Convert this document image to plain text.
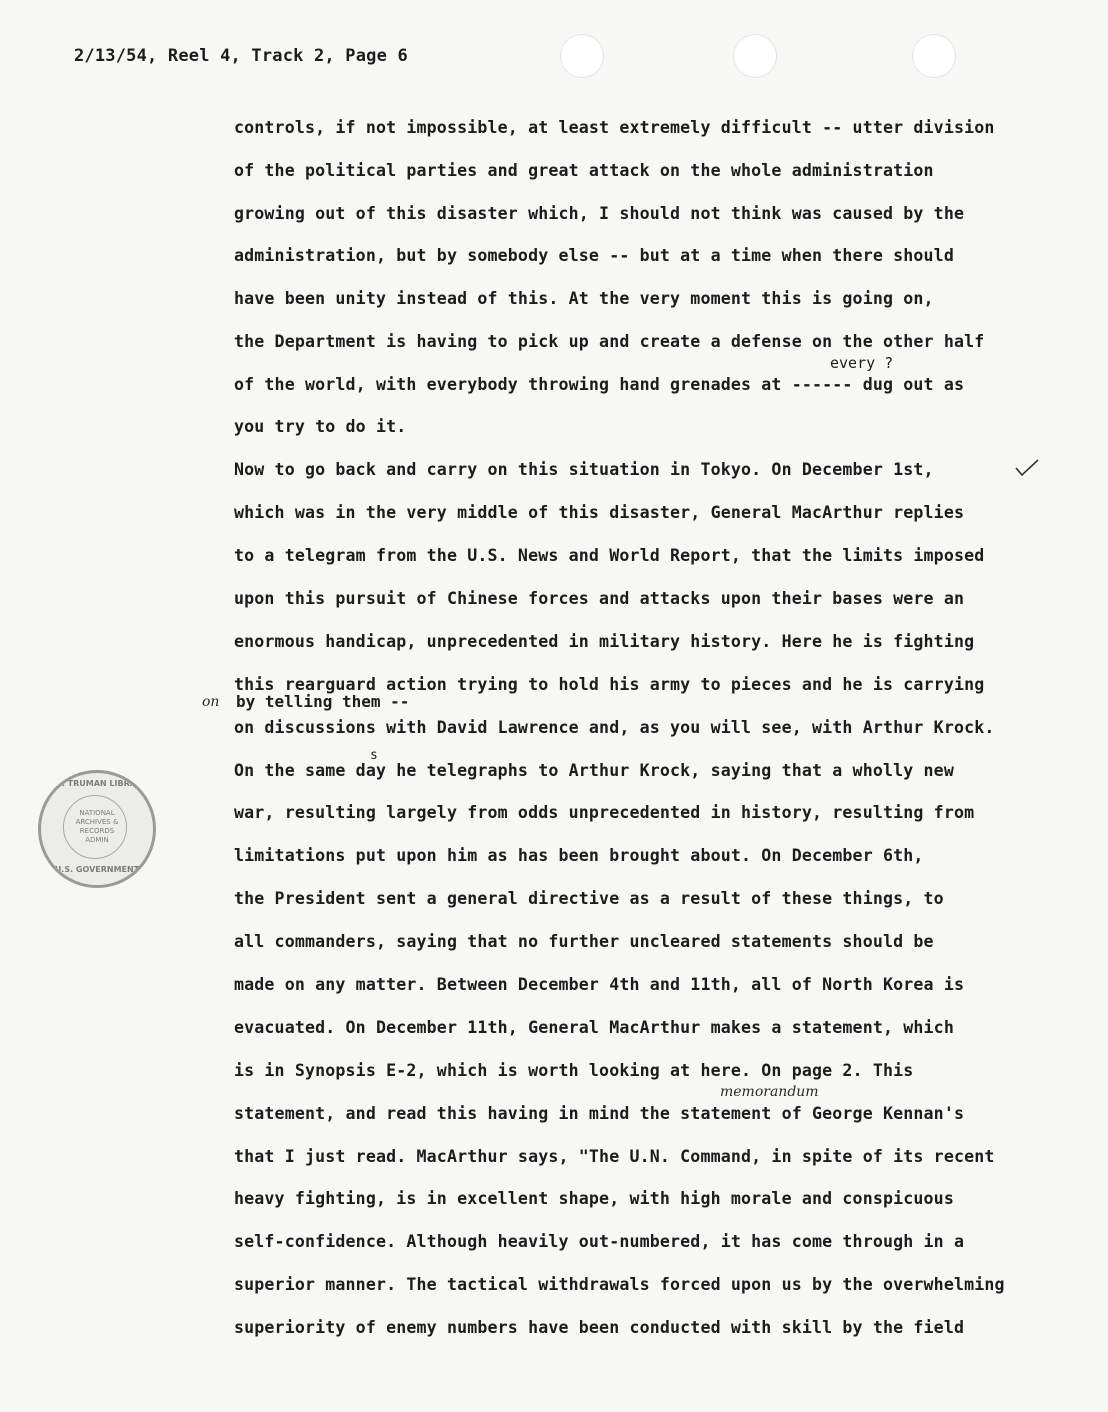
2/13/54, Reel 4, Track 2, Page 6
controls, if not impossible, at least extremely difficult -- utter division
of the political parties and great attack on the whole administration
growing out of this disaster which, I should not think was caused by the
administration, but by somebody else -- but at a time when there should
have been unity instead of this. At the very moment this is going on,
the Department is having to pick up and create a defense on the other half
every ?
of the world, with everybody throwing hand grenades at ------ dug out as
you try to do it.
Now to go back and carry on this situation in Tokyo. On December 1st,
which was in the very middle of this disaster, General MacArthur replies
to a telegram from the U.S. News and World Report, that the limits imposed
upon this pursuit of Chinese forces and attacks upon their bases were an
enormous handicap, unprecedented in military history. Here he is fighting
this rearguard action trying to hold his army to pieces and he is carrying
on by telling them --
on discussions with David Lawrence and, as you will see, with Arthur Krock.
s
On the same day he telegraphs to Arthur Krock, saying that a wholly new
war, resulting largely from odds unprecedented in history, resulting from
limitations put upon him as has been brought about. On December 6th,
the President sent a general directive as a result of these things, to
all commanders, saying that no further uncleared statements should be
made on any matter. Between December 4th and 11th, all of North Korea is
evacuated. On December 11th, General MacArthur makes a statement, which
is in Synopsis E-2, which is worth looking at here. On page 2. This
memorandum
statement, and read this having in mind the statement of George Kennan's
that I just read. MacArthur says, "The U.N. Command, in spite of its recent
heavy fighting, is in excellent shape, with high morale and conspicuous
self-confidence. Although heavily out-numbered, it has come through in a
superior manner. The tactical withdrawals forced upon us by the overwhelming
superiority of enemy numbers have been conducted with skill by the field
U.S. TRUMAN LIBRARY
NATIONAL
ARCHIVES &
RECORDS
ADMIN
U.S. GOVERNMENT
